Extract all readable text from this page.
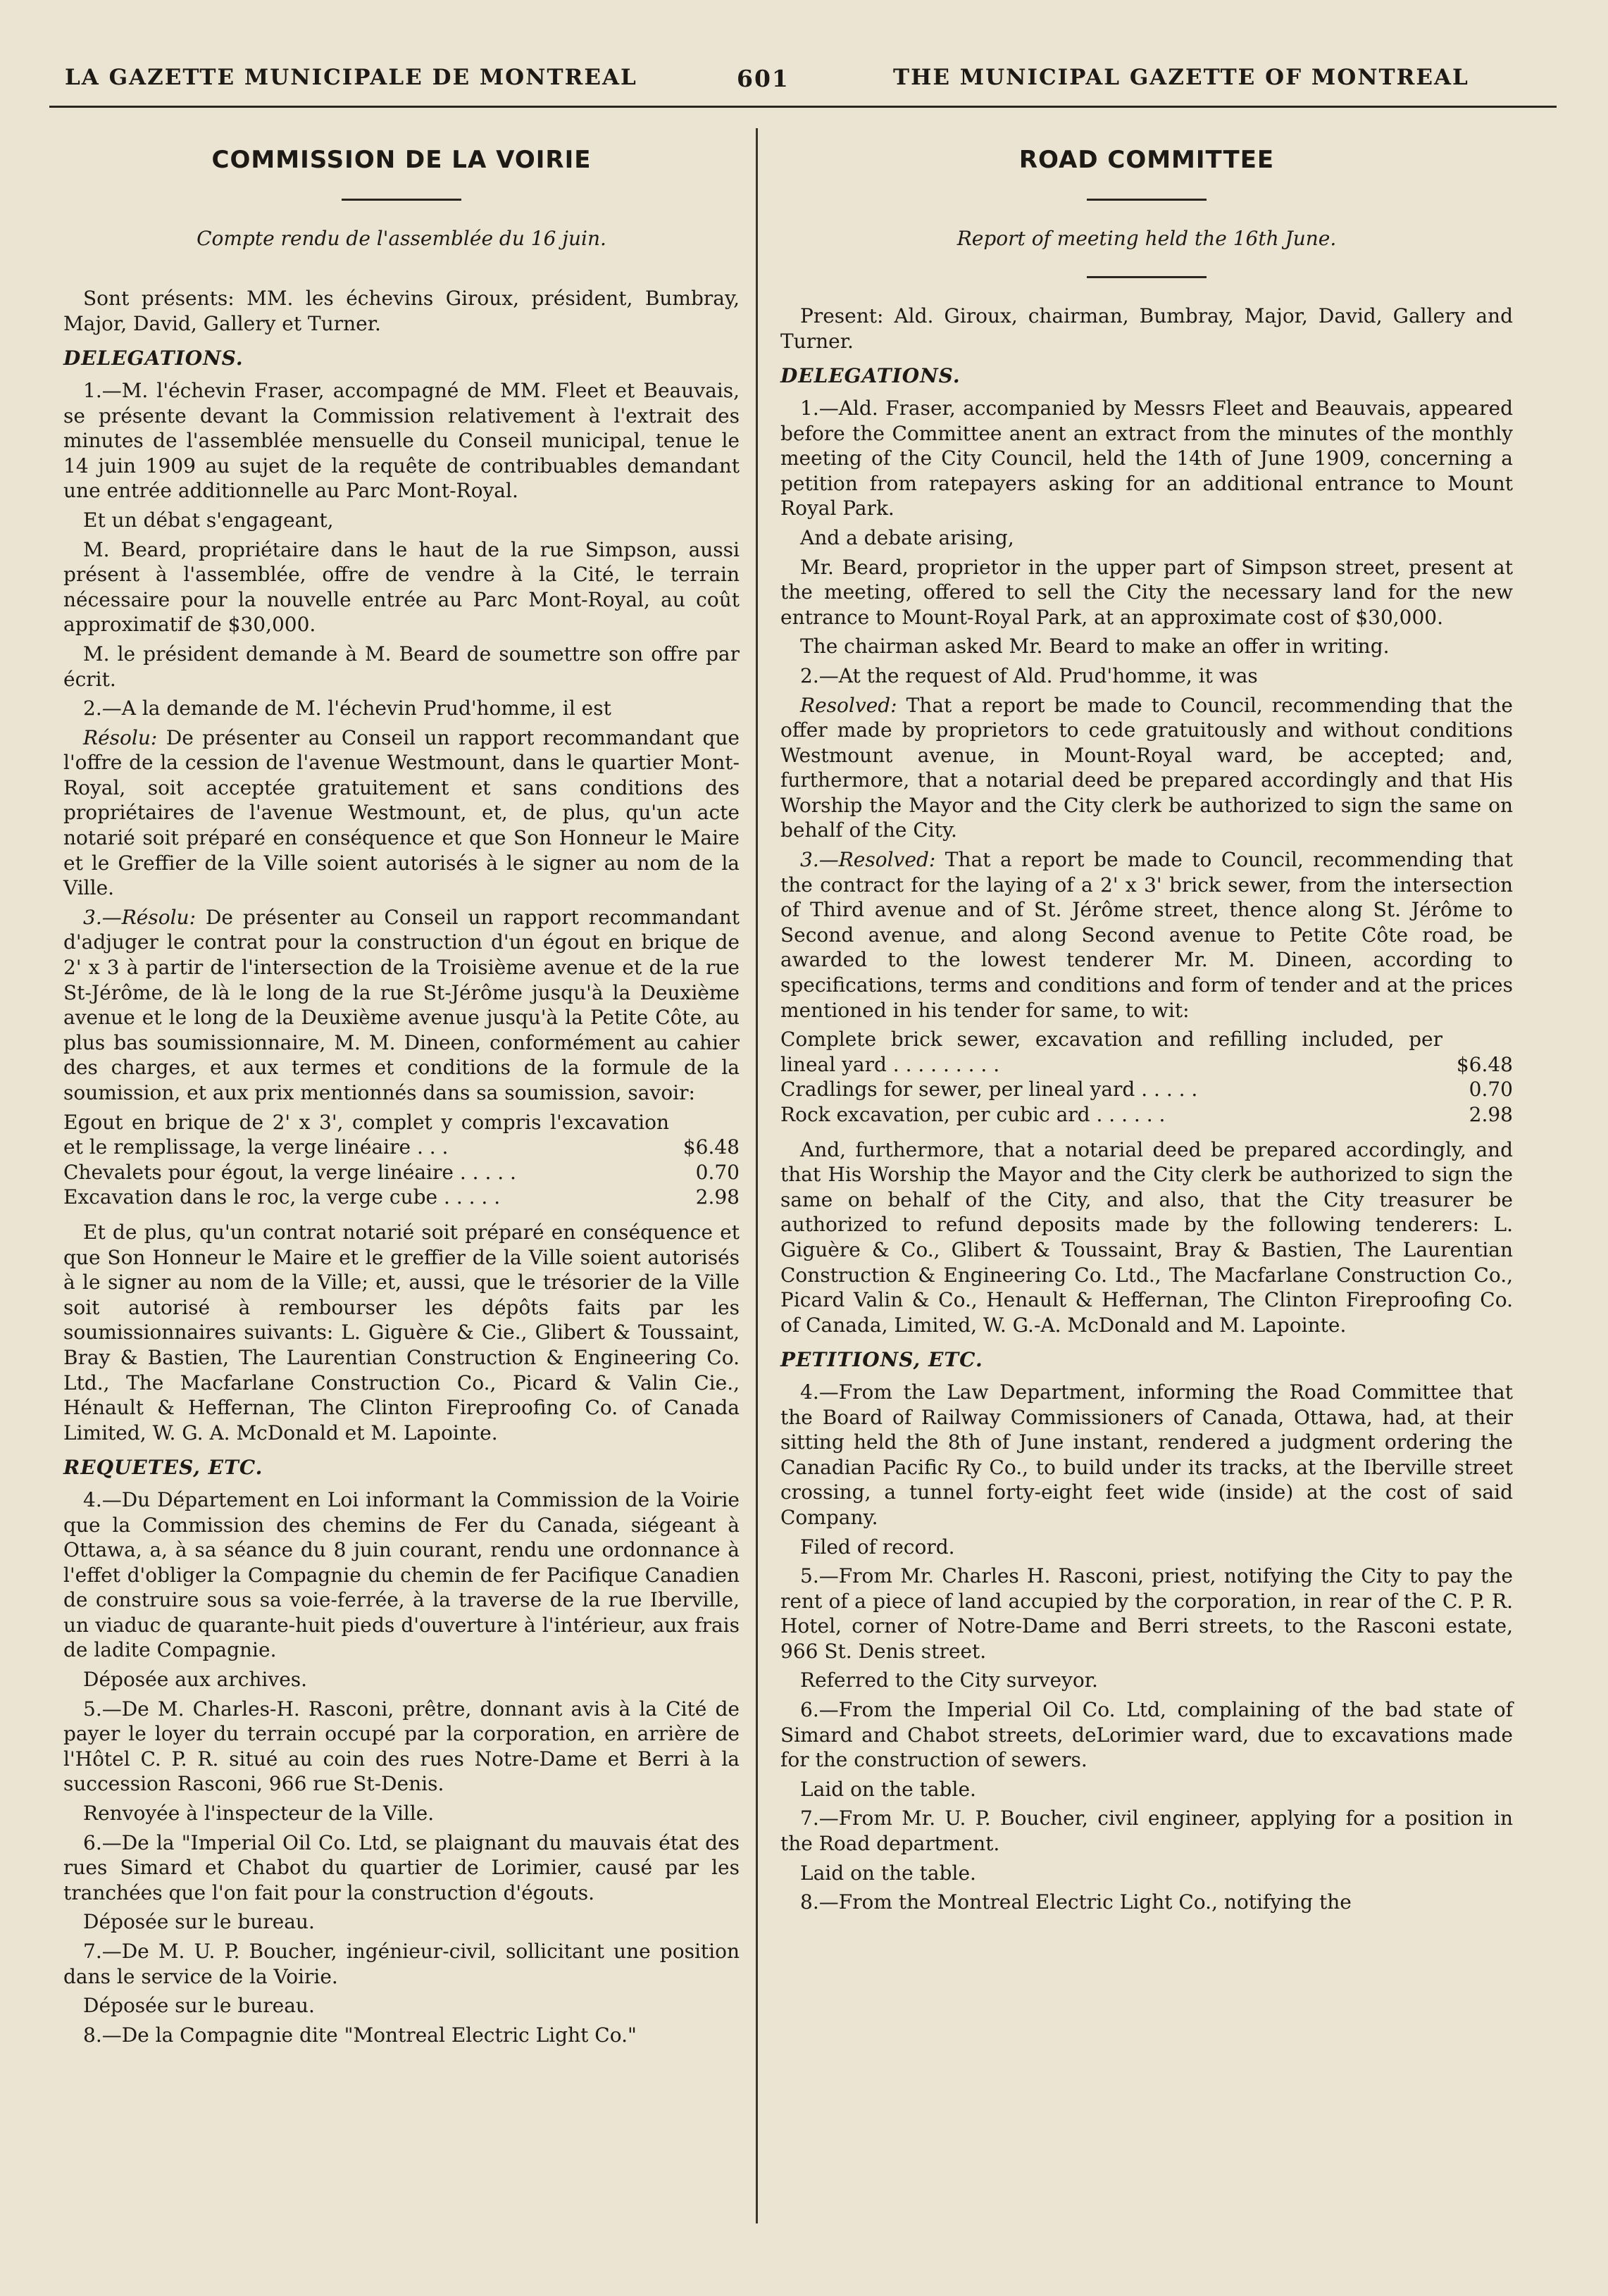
LA GAZETTE MUNICIPALE DE MONTREAL	601	THE MUNICIPAL GAZETTE OF MONTREAL

COMMISSION DE LA VOIRIE

Compte rendu de l'assemblée du 16 juin.

Sont présents: MM. les échevins Giroux, président, Bumbray, Major, David, Gallery et Turner.

DELEGATIONS.

1.—M. l'échevin Fraser, accompagné de MM. Fleet et Beauvais, se présente devant la Commission relativement à l'extrait des minutes de l'assemblée mensuelle du Conseil municipal, tenue le 14 juin 1909 au sujet de la requête de contribuables demandant une entrée additionnelle au Parc Mont-Royal.

Et un débat s'engageant,

M. Beard, propriétaire dans le haut de la rue Simpson, aussi présent à l'assemblée, offre de vendre à la Cité, le terrain nécessaire pour la nouvelle entrée au Parc Mont-Royal, au coût approximatif de $30,000.

M. le président demande à M. Beard de soumettre son offre par écrit.

2.—A la demande de M. l'échevin Prud'homme, il est

Résolu: De présenter au Conseil un rapport recommandant que l'offre de la cession de l'avenue Westmount, dans le quartier Mont-Royal, soit acceptée gratuitement et sans conditions des propriétaires de l'avenue Westmount, et, de plus, qu'un acte notarié soit préparé en conséquence et que Son Honneur le Maire et le Greffier de la Ville soient autorisés à le signer au nom de la Ville.

3.—Résolu: De présenter au Conseil un rapport recommandant d'adjuger le contrat pour la construction d'un égout en brique de 2' x 3 à partir de l'intersection de la Troisième avenue et de la rue St-Jérôme, de là le long de la rue St-Jérôme jusqu'à la Deuxième avenue et le long de la Deuxième avenue jusqu'à la Petite Côte, au plus bas soumissionnaire, M. M. Dineen, conformément au cahier des charges, et aux termes et conditions de la formule de la soumission, et aux prix mentionnés dans sa soumission, savoir:

Egout en brique de 2' x 3', complet y compris l'excavation et le remplissage, la verge linéaire . . .	$6.48
Chevalets pour égout, la verge linéaire . . . . .	0.70
Excavation dans le roc, la verge cube . . . . .	2.98

Et de plus, qu'un contrat notarié soit préparé en conséquence et que Son Honneur le Maire et le greffier de la Ville soient autorisés à le signer au nom de la Ville; et, aussi, que le trésorier de la Ville soit autorisé à rembourser les dépôts faits par les soumissionnaires suivants: L. Giguère & Cie., Glibert & Toussaint, Bray & Bastien, The Laurentian Construction & Engineering Co. Ltd., The Macfarlane Construction Co., Picard & Valin Cie., Hénault & Heffernan, The Clinton Fireproofing Co. of Canada Limited, W. G. A. McDonald et M. Lapointe.

REQUETES, ETC.

4.—Du Département en Loi informant la Commission de la Voirie que la Commission des chemins de Fer du Canada, siégeant à Ottawa, a, à sa séance du 8 juin courant, rendu une ordonnance à l'effet d'obliger la Compagnie du chemin de fer Pacifique Canadien de construire sous sa voie-ferrée, à la traverse de la rue Iberville, un viaduc de quarante-huit pieds d'ouverture à l'intérieur, aux frais de ladite Compagnie.

Déposée aux archives.

5.—De M. Charles-H. Rasconi, prêtre, donnant avis à la Cité de payer le loyer du terrain occupé par la corporation, en arrière de l'Hôtel C. P. R. situé au coin des rues Notre-Dame et Berri à la succession Rasconi, 966 rue St-Denis.

Renvoyée à l'inspecteur de la Ville.

6.—De la "Imperial Oil Co. Ltd, se plaignant du mauvais état des rues Simard et Chabot du quartier de Lorimier, causé par les tranchées que l'on fait pour la construction d'égouts.

Déposée sur le bureau.

7.—De M. U. P. Boucher, ingénieur-civil, sollicitant une position dans le service de la Voirie.

Déposée sur le bureau.

8.—De la Compagnie dite "Montreal Electric Light Co."

ROAD COMMITTEE

Report of meeting held the 16th June.

Present: Ald. Giroux, chairman, Bumbray, Major, David, Gallery and Turner.

DELEGATIONS.

1.—Ald. Fraser, accompanied by Messrs Fleet and Beauvais, appeared before the Committee anent an extract from the minutes of the monthly meeting of the City Council, held the 14th of June 1909, concerning a petition from ratepayers asking for an additional entrance to Mount Royal Park.

And a debate arising,

Mr. Beard, proprietor in the upper part of Simpson street, present at the meeting, offered to sell the City the necessary land for the new entrance to Mount-Royal Park, at an approximate cost of $30,000.

The chairman asked Mr. Beard to make an offer in writing.

2.—At the request of Ald. Prud'homme, it was

Resolved: That a report be made to Council, recommending that the offer made by proprietors to cede gratuitously and without conditions Westmount avenue, in Mount-Royal ward, be accepted; and, furthermore, that a notarial deed be prepared accordingly and that His Worship the Mayor and the City clerk be authorized to sign the same on behalf of the City.

3.—Resolved: That a report be made to Council, recommending that the contract for the laying of a 2' x 3' brick sewer, from the intersection of Third avenue and of St. Jérôme street, thence along St. Jérôme to Second avenue, and along Second avenue to Petite Côte road, be awarded to the lowest tenderer Mr. M. Dineen, according to specifications, terms and conditions and form of tender and at the prices mentioned in his tender for same, to wit:

Complete brick sewer, excavation and refilling included, per lineal yard . . . . . . . . .	$6.48
Cradlings for sewer, per lineal yard . . . . .	0.70
Rock excavation, per cubic ard . . . . . .	2.98

And, furthermore, that a notarial deed be prepared accordingly, and that His Worship the Mayor and the City clerk be authorized to sign the same on behalf of the City, and also, that the City treasurer be authorized to refund deposits made by the following tenderers: L. Giguère & Co., Glibert & Toussaint, Bray & Bastien, The Laurentian Construction & Engineering Co. Ltd., The Macfarlane Construction Co., Picard Valin & Co., Henault & Heffernan, The Clinton Fireproofing Co. of Canada, Limited, W. G.-A. McDonald and M. Lapointe.

PETITIONS, ETC.

4.—From the Law Department, informing the Road Committee that the Board of Railway Commissioners of Canada, Ottawa, had, at their sitting held the 8th of June instant, rendered a judgment ordering the Canadian Pacific Ry Co., to build under its tracks, at the Iberville street crossing, a tunnel forty-eight feet wide (inside) at the cost of said Company.

Filed of record.

5.—From Mr. Charles H. Rasconi, priest, notifying the City to pay the rent of a piece of land accupied by the corporation, in rear of the C. P. R. Hotel, corner of Notre-Dame and Berri streets, to the Rasconi estate, 966 St. Denis street.

Referred to the City surveyor.

6.—From the Imperial Oil Co. Ltd, complaining of the bad state of Simard and Chabot streets, deLorimier ward, due to excavations made for the construction of sewers.

Laid on the table.

7.—From Mr. U. P. Boucher, civil engineer, applying for a position in the Road department.

Laid on the table.

8.—From the Montreal Electric Light Co., notifying the
